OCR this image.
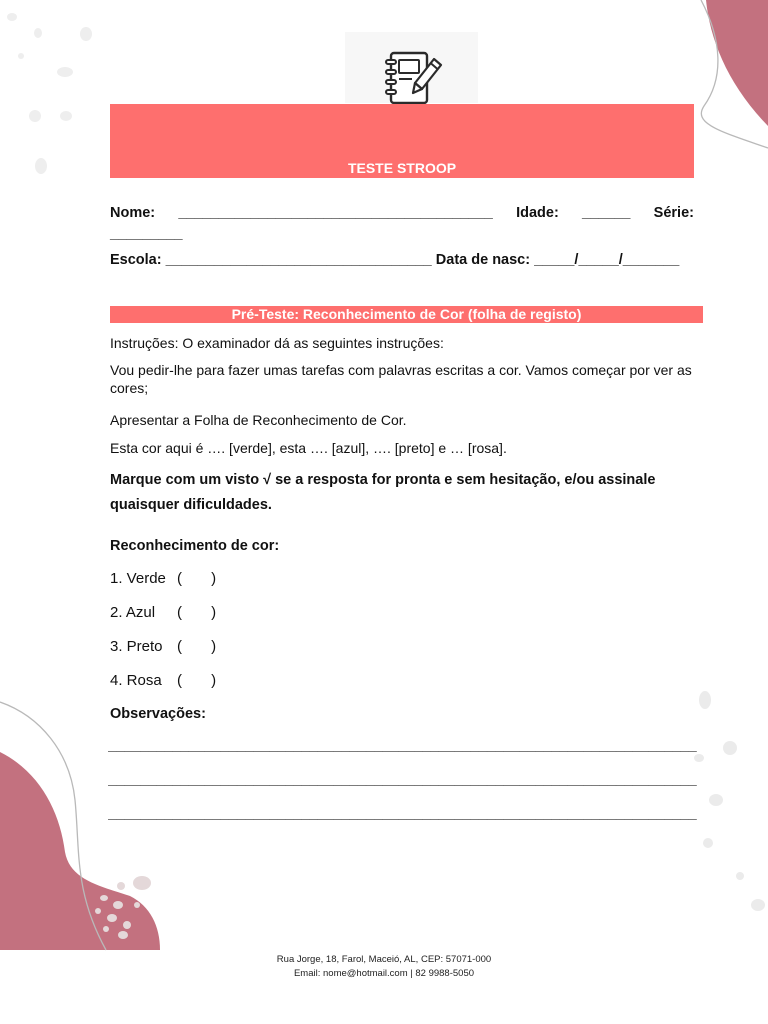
TESTE STROOP
Nome: _______________________________________ Idade: ______ Série:
_________
Escola: _________________________________ Data de nasc: _____/_____/_______
Pré-Teste: Reconhecimento de Cor (folha de registo)
Instruções: O examinador dá as seguintes instruções:
Vou pedir-lhe para fazer umas tarefas com palavras escritas a cor. Vamos começar por ver as cores;
Apresentar a Folha de Reconhecimento de Cor.
Esta cor aqui é …. [verde], esta …. [azul], …. [preto] e … [rosa].
Marque com um visto √ se a resposta for pronta e sem hesitação, e/ou assinale quaisquer dificuldades.
Reconhecimento de cor:
1. Verde (       )
2. Azul (       )
3. Preto (       )
4. Rosa (       )
Observações:
_________________________________________________________________________
_________________________________________________________________________
_________________________________________________________________________
Rua Jorge, 18, Farol, Maceió, AL, CEP: 57071-000
Email: nome@hotmail.com | 82 9988-5050
